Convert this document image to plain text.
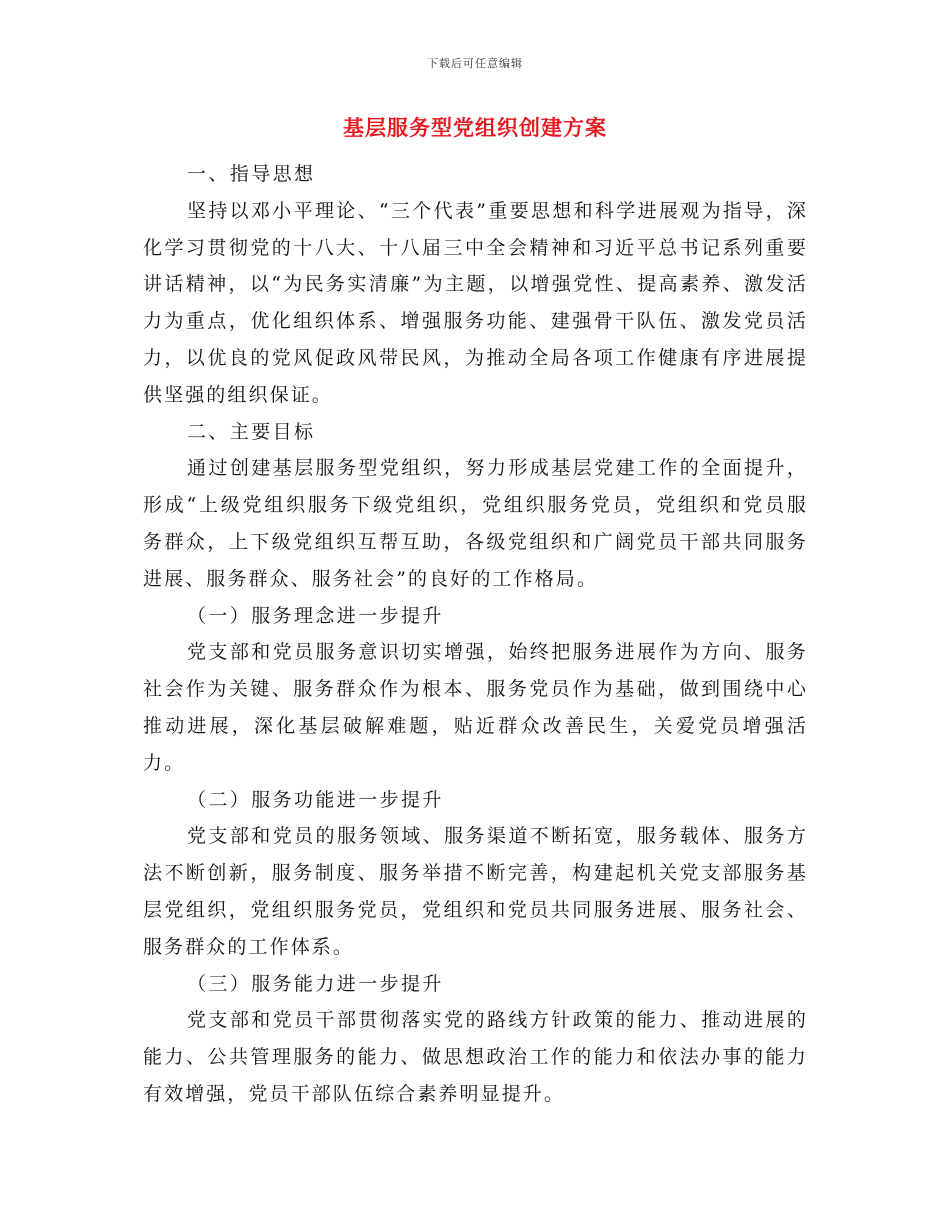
下载后可任意编辑
基层服务型党组织创建方案

一、指导思想

坚持以邓小平理论、“三个代表”重要思想和科学进展观为指导，深化学习贯彻党的十八大、十八届三中全会精神和习近平总书记系列重要讲话精神，以“为民务实清廉”为主题，以增强党性、提高素养、激发活力为重点，优化组织体系、增强服务功能、建强骨干队伍、激发党员活力，以优良的党风促政风带民风，为推动全局各项工作健康有序进展提供坚强的组织保证。

二、主要目标

通过创建基层服务型党组织，努力形成基层党建工作的全面提升，形成“上级党组织服务下级党组织，党组织服务党员，党组织和党员服务群众，上下级党组织互帮互助，各级党组织和广阔党员干部共同服务进展、服务群众、服务社会”的良好的工作格局。

（一）服务理念进一步提升

党支部和党员服务意识切实增强，始终把服务进展作为方向、服务社会作为关键、服务群众作为根本、服务党员作为基础，做到围绕中心推动进展，深化基层破解难题，贴近群众改善民生，关爱党员增强活力。

（二）服务功能进一步提升

党支部和党员的服务领域、服务渠道不断拓宽，服务载体、服务方法不断创新，服务制度、服务举措不断完善，构建起机关党支部服务基层党组织，党组织服务党员，党组织和党员共同服务进展、服务社会、服务群众的工作体系。

（三）服务能力进一步提升

党支部和党员干部贯彻落实党的路线方针政策的能力、推动进展的能力、公共管理服务的能力、做思想政治工作的能力和依法办事的能力有效增强，党员干部队伍综合素养明显提升。
